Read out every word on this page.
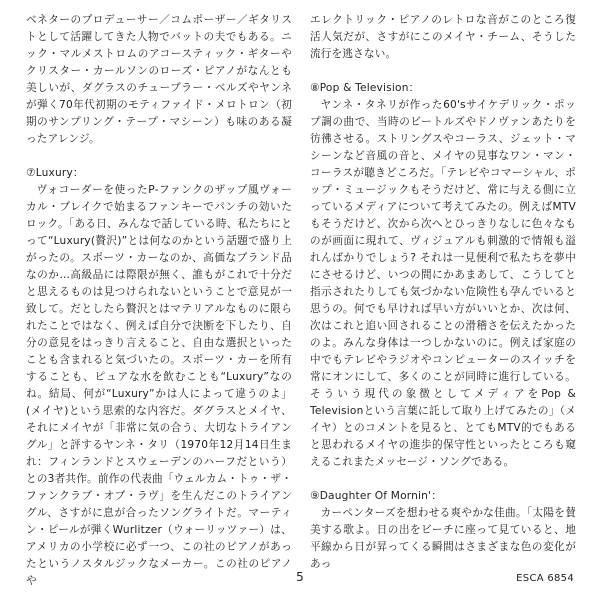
ベネターのプロデューサー／コムポーザー／ギタリストとして活躍してきた人物でバットの夫でもある。ニック・マルメストロムのアコースティック・ギターやクリスター・カールソンのローズ・ピアノがなんとも美しいが、ダグラスのチューブラー・ベルズやヤンネが弾く70年代初期のモティファイド・メロトロン（初期のサンプリング・テープ・マシーン）も味のある凝ったアレンジ。

⑦Luxury：

ヴォコーダーを使ったP-ファンクのザップ風ヴォーカル・ブレイクで始まるファンキーでパンチの効いたロック。「ある日、みんなで話している時、私たちにとって“Luxury(贅沢)”とは何なのかという話題で盛り上がったの。スポーツ・カーなのか、高価なブランド品なのか…高級品には際限が無く、誰もがこれで十分だと思えるものは見つけられないということで意見が一致して。だとしたら贅沢とはマテリアルなものに限られたことではなく、例えば自分で決断を下したり、自分の意見をはっきり言えること、自由な選択といったことも含まれると気づいたの。スポーツ・カーを所有することも、ピュアな水を飲むことも“Luxury”なのね。結局、何が“Luxury”かは人によって違うのよ」(メイヤ)という思索的な内容だ。ダグラスとメイヤ、それにメイヤが「非常に気の合う、大切なトライアングル」と評するヤンネ・タリ（1970年12月14日生まれ：フィンランドとスウェーデンのハーフだという）との3者共作。前作の代表曲「ウェルカム・トゥ・ザ・ファンクラブ・オブ・ラヴ」を生んだこのトライアングル、さすがに息が合ったソングライトだ。マーティン・ピールが弾くWurlitzer（ウォーリッツァー）は、アメリカの小学校に必ず一つ、この社のピアノがあったというノスタルジックなメーカー。この社のピアノや

エレクトリック・ピアノのレトロな音がこのところ復活人気だが、さすがにこのメイヤ・チーム、そうした流行を逃さない。

⑧Pop & Television：

ヤンネ・タネリが作った60'sサイケデリック・ポップ調の曲で、当時のビートルズやドノヴァンあたりを彷彿させる。ストリングスやコーラス、ジェット・マシーンなど音風の音と、メイヤの見事なワン・マン・コーラスが聴きどころだ。「テレビやコマーシャル、ポップ・ミュージックもそうだけど、常に与える側に立っているメディアについて考えてみたの。例えばMTVもそうだけど、次から次へとひっきりなしに色々なものが画面に現れて、ヴィジュアルも刺激的で情報も溢れんばかりでしょう? それは一見便利で私たちを夢中にさせるけど、いつの間にかあまあして、こうしてと指示されたりしても気づかない危険性も孕んでいると思うの。何でも早ければ早い方がいいとか、次は何、次はこれと追い回されることの滑稽さを伝えたかったのよ。みんな身体は一つしかないのに。例えば家庭の中でもテレビやラジオやコンピューターのスイッチを常にオンにして、多くのことが同時に進行している。そういう現代の象徴としてメディアをPop & Televisionという言葉に託して取り上げてみたの」（メイヤ）とのコメントを見ると、とてもMTV的でもあると思われるメイヤの進歩的保守性といったところも窺えるこれまたメッセージ・ソングである。

⑨Daughter Of Mornin'：

カーペンターズを想わせる爽やかな佳曲。「太陽を賛美する歌よ。日の出をビーチに座って見ていると、地平線から日が昇ってくる瞬間はさまざまな色の変化があっ

5	ESCA 6854
